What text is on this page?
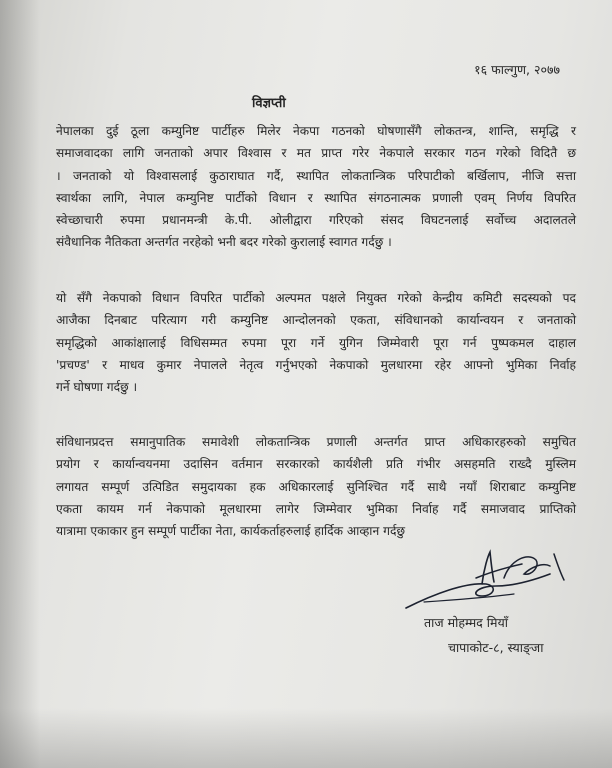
१६ फाल्गुण, २०७७
विज्ञप्ती
नेपालका दुई ठूला कम्युनिष्ट पार्टीहरु मिलेर नेकपा गठनको घोषणासँगै लोकतन्त्र, शान्ति, समृद्धि र
समाजवादका लागि जनताको अपार विश्वास र मत प्राप्त गरेर नेकपाले सरकार गठन गरेको विदितै छ
। जनताको यो विश्वासलाई कुठाराघात गर्दै, स्थापित लोकतान्त्रिक परिपाटीको बर्खिलाप, नीजि सत्ता
स्वार्थका लागि, नेपाल कम्युनिष्ट पार्टीको विधान र स्थापित संगठनात्मक प्रणाली एवम् निर्णय विपरित
स्वेच्छाचारी रुपमा प्रधानमन्त्री के.पी. ओलीद्वारा गरिएको संसद विघटनलाई सर्वोच्च अदालतले
संवैधानिक नैतिकता अन्तर्गत नरहेको भनी बदर गरेको कुरालाई स्वागत गर्दछु ।
यो सँगै नेकपाको विधान विपरित पार्टीको अल्पमत पक्षले नियुक्त गरेको केन्द्रीय कमिटी सदस्यको पद
आजैका दिनबाट परित्याग गरी कम्युनिष्ट आन्दोलनको एकता, संविधानको कार्यान्वयन र जनताको
समृद्धिको आकांक्षालाई विधिसम्मत रुपमा पूरा गर्ने युगिन जिम्मेवारी पूरा गर्न पुष्पकमल दाहाल
'प्रचण्ड' र माधव कुमार नेपालले नेतृत्व गर्नुभएको नेकपाको मुलधारमा रहेर आफ्नो भुमिका निर्वाह
गर्ने घोषणा गर्दछु ।
संविधानप्रदत्त समानुपातिक समावेशी लोकतान्त्रिक प्रणाली अन्तर्गत प्राप्त अधिकारहरुको समुचित
प्रयोग र कार्यान्वयनमा उदासिन वर्तमान सरकारको कार्यशैली प्रति गंभीर असहमति राख्दै मुस्लिम
लगायत सम्पूर्ण उत्पिडित समुदायका हक अधिकारलाई सुनिश्चित गर्दै साथै नयाँ शिराबाट कम्युनिष्ट
एकता कायम गर्न नेकपाको मूलधारमा लागेर जिम्मेवार भुमिका निर्वाह गर्दै समाजवाद प्राप्तिको
यात्रामा एकाकार हुन सम्पूर्ण पार्टीका नेता, कार्यकर्ताहरुलाई हार्दिक आव्हान गर्दछु
ताज मोहम्मद मियाँ
चापाकोट-८, स्याङ्जा
